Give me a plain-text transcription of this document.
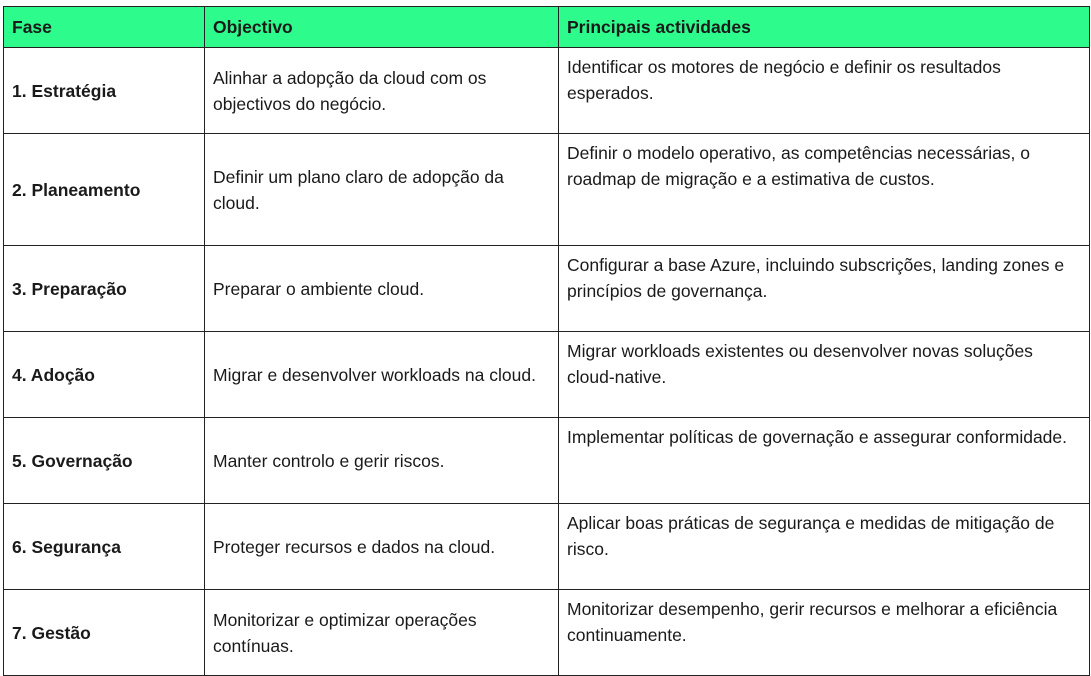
Fase	Objectivo	Principais actividades
1. Estratégia	Alinhar a adopção da cloud com os objectivos do negócio.	Identificar os motores de negócio e definir os resultados esperados.
2. Planeamento	Definir um plano claro de adopção da cloud.	Definir o modelo operativo, as competências necessárias, o roadmap de migração e a estimativa de custos.
3. Preparação	Preparar o ambiente cloud.	Configurar a base Azure, incluindo subscrições, landing zones e princípios de governança.
4. Adoção	Migrar e desenvolver workloads na cloud.	Migrar workloads existentes ou desenvolver novas soluções cloud-native.
5. Governação	Manter controlo e gerir riscos.	Implementar políticas de governação e assegurar conformidade.
6. Segurança	Proteger recursos e dados na cloud.	Aplicar boas práticas de segurança e medidas de mitigação de risco.
7. Gestão	Monitorizar e optimizar operações contínuas.	Monitorizar desempenho, gerir recursos e melhorar a eficiência continuamente.
